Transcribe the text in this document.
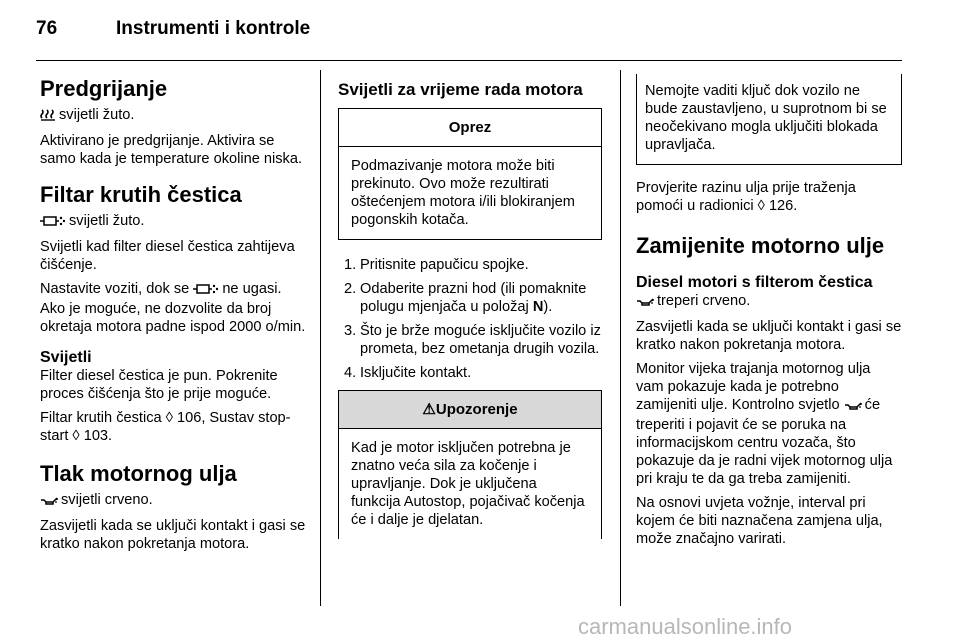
76	Instrumenti i kontrole
Predgrijanje

svijetli žuto.

Aktivirano je predgrijanje. Aktivira se samo kada je temperature okoline niska.

Filtar krutih čestica

svijetli žuto.

Svijetli kad filter diesel čestica zahtijeva čišćenje.

Nastavite voziti, dok se ne ugasi. Ako je moguće, ne dozvolite da broj okretaja motora padne ispod 2000 o/min.

Svijetli

Filter diesel čestica je pun. Pokrenite proces čišćenja što je prije moguće.

Filtar krutih čestica ◊ 106, Sustav stop-start ◊ 103.

Tlak motornog ulja

svijetli crveno.

Zasvijetli kada se uključi kontakt i gasi se kratko nakon pokretanja motora.

Svijetli za vrijeme rada motora
Oprez
Podmazivanje motora može biti prekinuto. Ovo može rezultirati oštećenjem motora i/ili blokiranjem pogonskih kotača.
1. Pritisnite papučicu spojke.
2. Odaberite prazni hod (ili pomaknite polugu mjenjača u položaj N).
3. Što je brže moguće isključite vozilo iz prometa, bez ometanja drugih vozila.
4. Isključite kontakt.
⚠Upozorenje
Kad je motor isključen potrebna je znatno veća sila za kočenje i upravljanje. Dok je uključena funkcija Autostop, pojačivač kočenja će i dalje je djelatan.
Nemojte vaditi ključ dok vozilo ne bude zaustavljeno, u suprotnom bi se neočekivano mogla uključiti blokada upravljača.

Provjerite razinu ulja prije traženja pomoći u radionici ◊ 126.

Zamijenite motorno ulje
Diesel motori s filterom čestica

treperi crveno.

Zasvijetli kada se uključi kontakt i gasi se kratko nakon pokretanja motora.

Monitor vijeka trajanja motornog ulja vam pokazuje kada je potrebno zamijeniti ulje. Kontrolno svjetlo će treperiti i pojavit će se poruka na informacijskom centru vozača, što pokazuje da je radni vijek motornog ulja pri kraju te da ga treba zamijeniti.

Na osnovi uvjeta vožnje, interval pri kojem će biti naznačena zamjena ulja, može značajno varirati.

carmanualsonline.info
